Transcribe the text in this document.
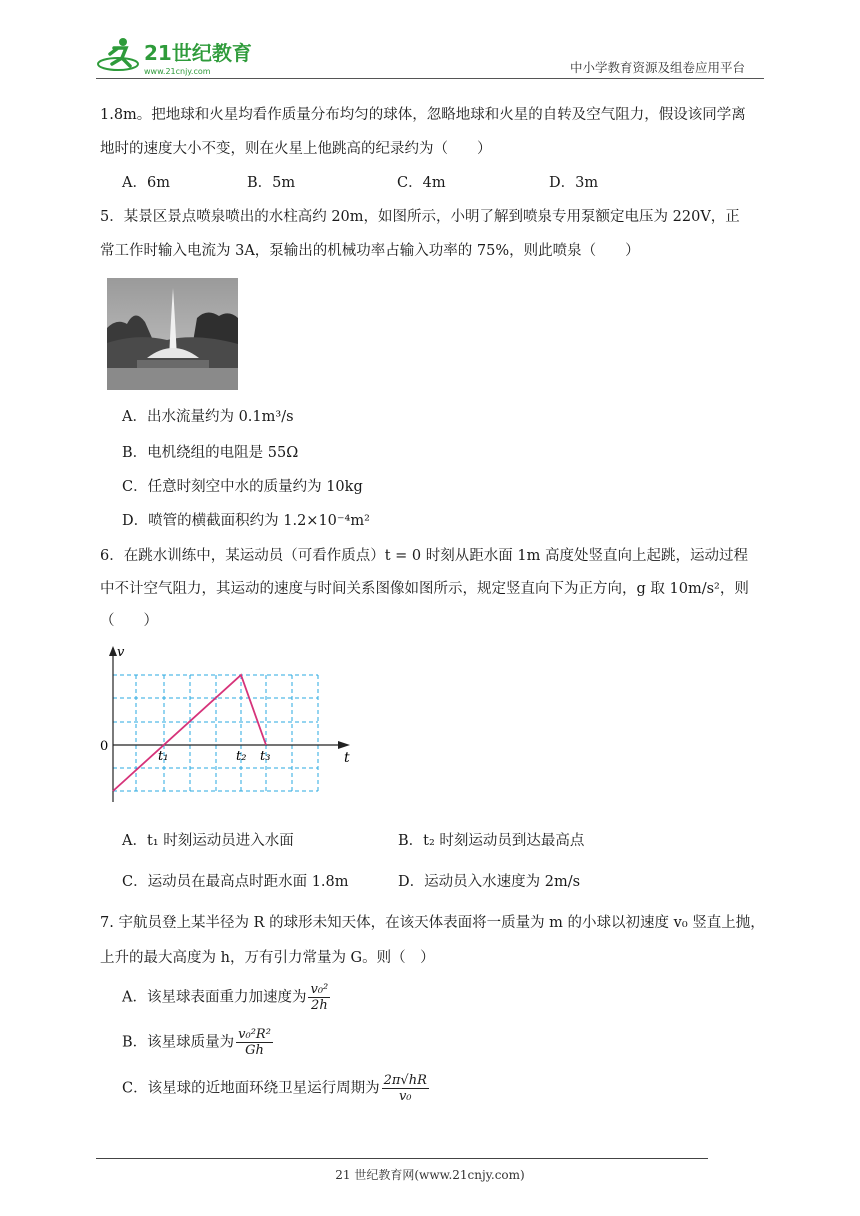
21世纪教育
www.21cnjy.com	中小学教育资源及组卷应用平台
1.8m。把地球和火星均看作质量分布均匀的球体，忽略地球和火星的自转及空气阻力，假设该同学离
地时的速度大小不变，则在火星上他跳高的纪录约为（　　）
A．6m	B．5m	C．4m	D．3m
5．某景区景点喷泉喷出的水柱高约 20m，如图所示，小明了解到喷泉专用泵额定电压为 220V，正
常工作时输入电流为 3A，泵输出的机械功率占输入功率的 75%，则此喷泉（　　）
A．出水流量约为 0.1m³/s
B．电机绕组的电阻是 55Ω
C．任意时刻空中水的质量约为 10kg
D．喷管的横截面积约为 1.2×10⁻⁴m²
6．在跳水训练中，某运动员（可看作质点）t = 0 时刻从距水面 1m 高度处竖直向上起跳，运动过程
中不计空气阻力，其运动的速度与时间关系图像如图所示，规定竖直向下为正方向，g 取 10m/s²，则
（　　）
v
t
0
t₁	t₂ t₃
A．t₁ 时刻运动员进入水面	B．t₂ 时刻运动员到达最高点
C．运动员在最高点时距水面 1.8m	D．运动员入水速度为 2m/s
7. 宇航员登上某半径为 R 的球形未知天体，在该天体表面将一质量为 m 的小球以初速度 v₀ 竖直上抛，
上升的最大高度为 h，万有引力常量为 G。则（　）
A．该星球表面重力加速度为 $\frac{\text{v₀²}}{2h}$
B．该星球质量为 $\frac{\text{v₀²R²}}{Gh}$
C．该星球的近地面环绕卫星运行周期为 $\frac{2\pi√hR}{\text{v₀}}$
21 世纪教育网(www.21cnjy.com)
